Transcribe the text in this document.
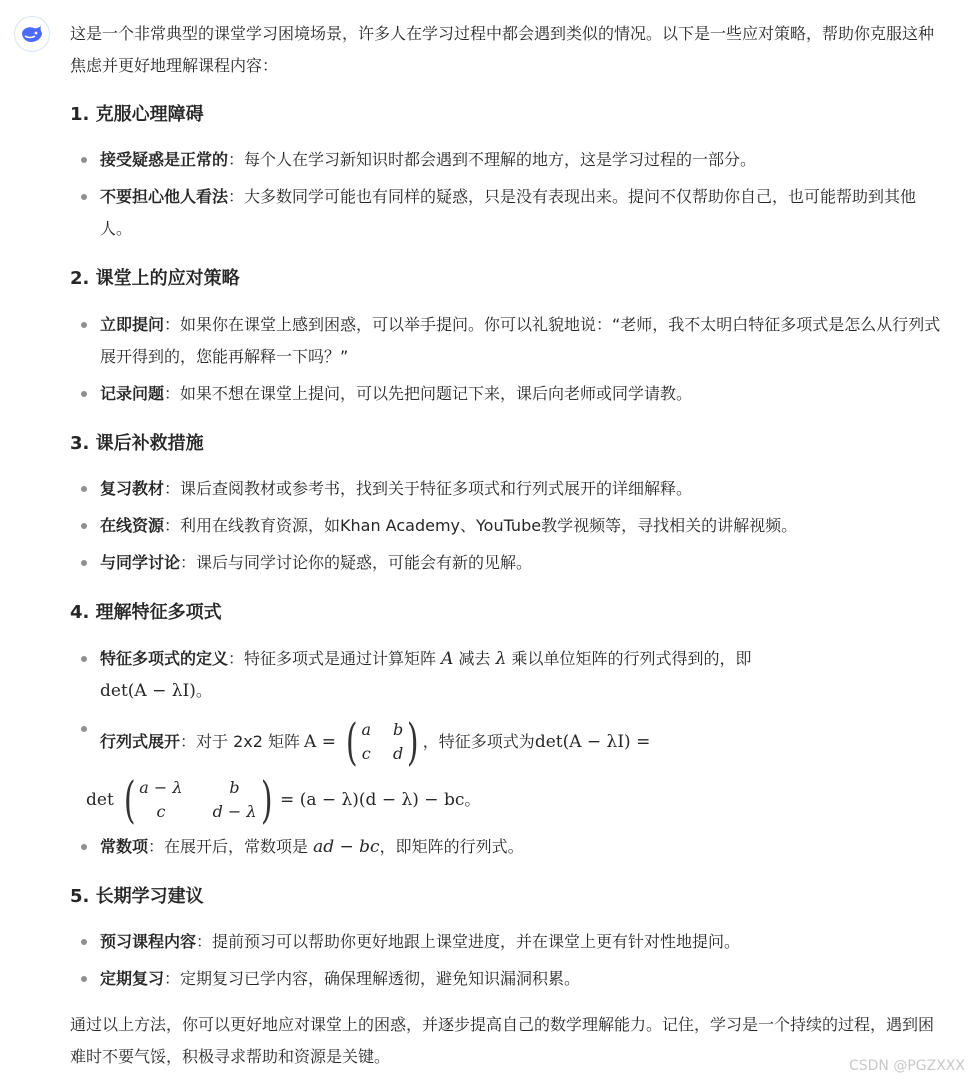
这是一个非常典型的课堂学习困境场景，许多人在学习过程中都会遇到类似的情况。以下是一些应对策略，帮助你克服这种焦虑并更好地理解课程内容：

1. 克服心理障碍
接受疑惑是正常的：每个人在学习新知识时都会遇到不理解的地方，这是学习过程的一部分。
不要担心他人看法：大多数同学可能也有同样的疑惑，只是没有表现出来。提问不仅帮助你自己，也可能帮助到其他人。
2. 课堂上的应对策略
立即提问：如果你在课堂上感到困惑，可以举手提问。你可以礼貌地说：“老师，我不太明白特征多项式是怎么从行列式展开得到的，您能再解释一下吗？”
记录问题：如果不想在课堂上提问，可以先把问题记下来，课后向老师或同学请教。
3. 课后补救措施
复习教材：课后查阅教材或参考书，找到关于特征多项式和行列式展开的详细解释。
在线资源：利用在线教育资源，如Khan Academy、YouTube教学视频等，寻找相关的讲解视频。
与同学讨论：课后与同学讨论你的疑惑，可能会有新的见解。
4. 理解特征多项式
特征多项式的定义：特征多项式是通过计算矩阵 A 减去 λ 乘以单位矩阵的行列式得到的，即
det(A − λI)。
行列式展开 ：对于 2x2 矩阵 A = ( a b
c d ) ，特征多项式为 det(A − λI) =
det ( a − λ	b
c	d − λ ) = (a − λ)(d − λ) − bc 。
常数项：在展开后，常数项是 ad − bc，即矩阵的行列式。
5. 长期学习建议
预习课程内容：提前预习可以帮助你更好地跟上课堂进度，并在课堂上更有针对性地提问。
定期复习：定期复习已学内容，确保理解透彻，避免知识漏洞积累。

通过以上方法，你可以更好地应对课堂上的困惑，并逐步提高自己的数学理解能力。记住，学习是一个持续的过程，遇到困难时不要气馁，积极寻求帮助和资源是关键。	CSDN @PGZXXX
